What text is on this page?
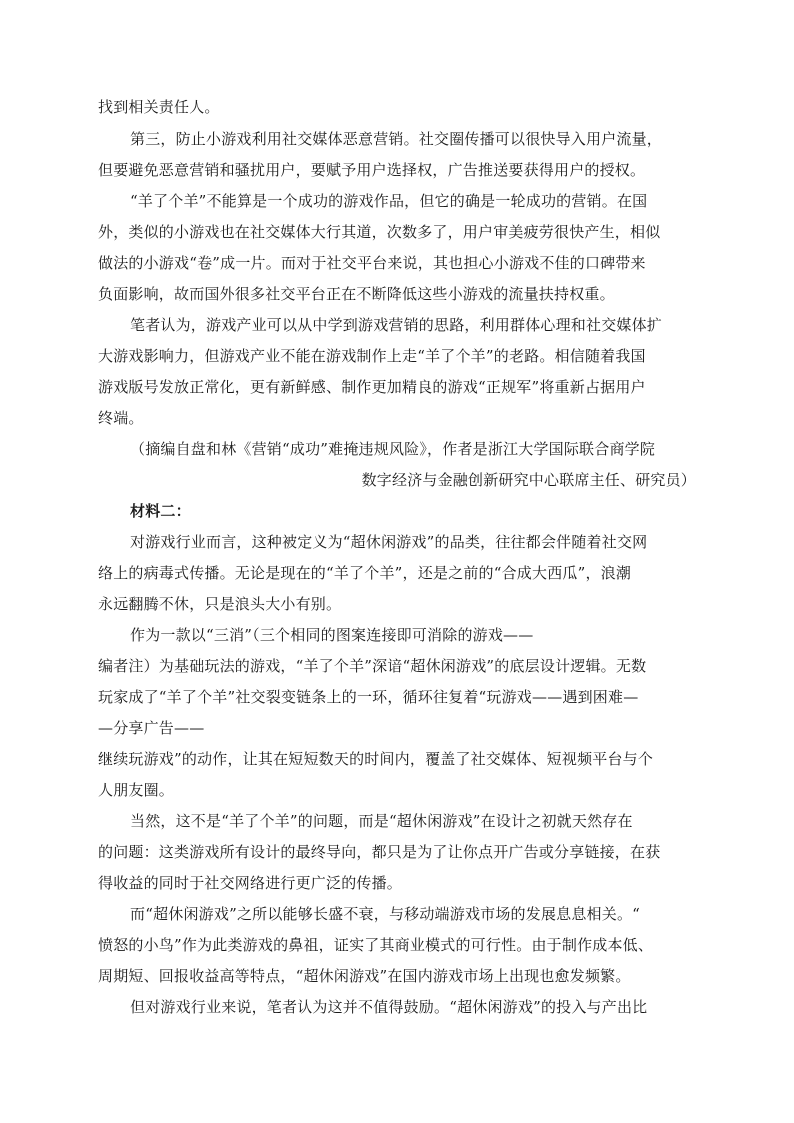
找到相关责任人。
第三，防止小游戏利用社交媒体恶意营销。社交圈传播可以很快导入用户流量，
但要避免恶意营销和骚扰用户，要赋予用户选择权，广告推送要获得用户的授权。
“羊了个羊”不能算是一个成功的游戏作品，但它的确是一轮成功的营销。在国
外，类似的小游戏也在社交媒体大行其道，次数多了，用户审美疲劳很快产生，相似
做法的小游戏“卷”成一片。而对于社交平台来说，其也担心小游戏不佳的口碑带来
负面影响，故而国外很多社交平台正在不断降低这些小游戏的流量扶持权重。
笔者认为，游戏产业可以从中学到游戏营销的思路，利用群体心理和社交媒体扩
大游戏影响力，但游戏产业不能在游戏制作上走“羊了个羊”的老路。相信随着我国
游戏版号发放正常化，更有新鲜感、制作更加精良的游戏“正规军”将重新占据用户
终端。
（摘编自盘和林《营销“成功”难掩违规风险》，作者是浙江大学国际联合商学院
数字经济与金融创新研究中心联席主任、研究员）
材料二：
对游戏行业而言，这种被定义为“超休闲游戏”的品类，往往都会伴随着社交网
络上的病毒式传播。无论是现在的“羊了个羊”，还是之前的“合成大西瓜”，浪潮
永远翻腾不休，只是浪头大小有别。
作为一款以“三消”（三个相同的图案连接即可消除的游戏——
编者注）为基础玩法的游戏，“羊了个羊”深谙“超休闲游戏”的底层设计逻辑。无数
玩家成了“羊了个羊”社交裂变链条上的一环，循环往复着“玩游戏——遇到困难—
—分享广告——
继续玩游戏”的动作，让其在短短数天的时间内，覆盖了社交媒体、短视频平台与个
人朋友圈。
当然，这不是“羊了个羊”的问题，而是“超休闲游戏”在设计之初就天然存在
的问题：这类游戏所有设计的最终导向，都只是为了让你点开广告或分享链接，在获
得收益的同时于社交网络进行更广泛的传播。
而“超休闲游戏”之所以能够长盛不衰，与移动端游戏市场的发展息息相关。“
愤怒的小鸟”作为此类游戏的鼻祖，证实了其商业模式的可行性。由于制作成本低、
周期短、回报收益高等特点，“超休闲游戏”在国内游戏市场上出现也愈发频繁。
但对游戏行业来说，笔者认为这并不值得鼓励。“超休闲游戏”的投入与产出比
